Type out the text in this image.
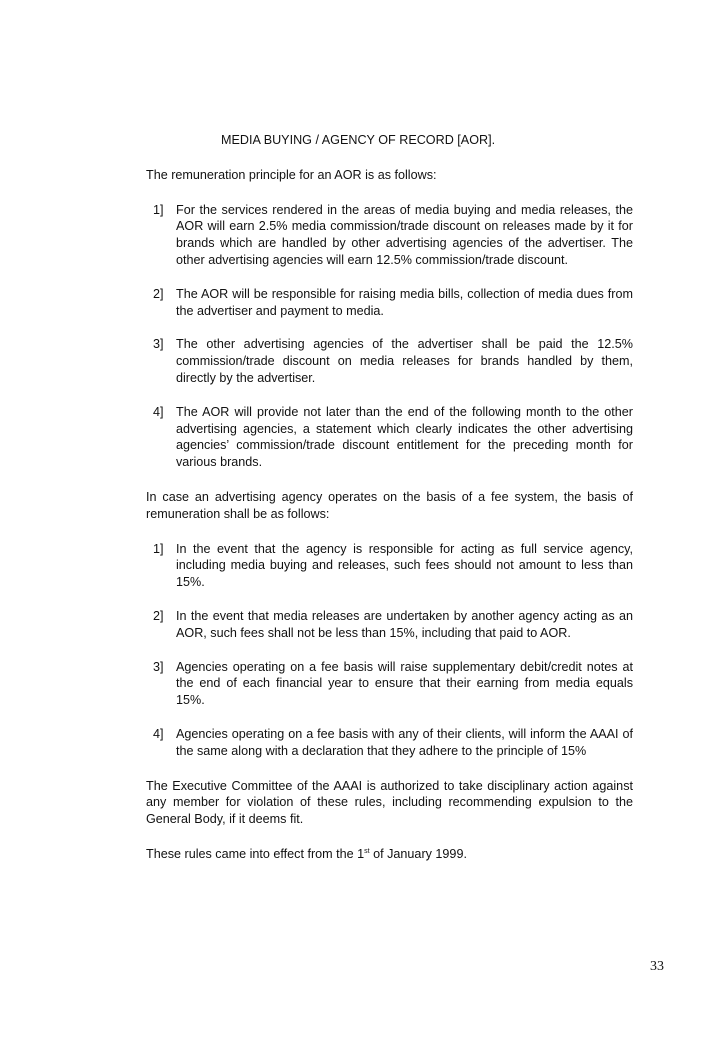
MEDIA BUYING / AGENCY OF RECORD [AOR].

The remuneration principle for an AOR is as follows:

1] For the services rendered in the areas of media buying and media releases, the AOR will earn 2.5% media commission/trade discount on releases made by it for brands which are handled by other advertising agencies of the advertiser. The other advertising agencies will earn 12.5% commission/trade discount.
2] The AOR will be responsible for raising media bills, collection of media dues from the advertiser and payment to media.
3] The other advertising agencies of the advertiser shall be paid the 12.5% commission/trade discount on media releases for brands handled by them, directly by the advertiser.
4] The AOR will provide not later than the end of the following month to the other advertising agencies, a statement which clearly indicates the other advertising agencies’ commission/trade discount entitlement for the preceding month for various brands.

In case an advertising agency operates on the basis of a fee system, the basis of remuneration shall be as follows:

1] In the event that the agency is responsible for acting as full service agency, including media buying and releases, such fees should not amount to less than 15%.
2] In the event that media releases are undertaken by another agency acting as an AOR, such fees shall not be less than 15%, including that paid to AOR.
3] Agencies operating on a fee basis will raise supplementary debit/credit notes at the end of each financial year to ensure that their earning from media equals 15%.
4] Agencies operating on a fee basis with any of their clients, will inform the AAAI of the same along with a declaration that they adhere to the principle of 15%

The Executive Committee of the AAAI is authorized to take disciplinary action against any member for violation of these rules, including recommending expulsion to the General Body, if it deems fit.

These rules came into effect from the 1st of January 1999.

33
